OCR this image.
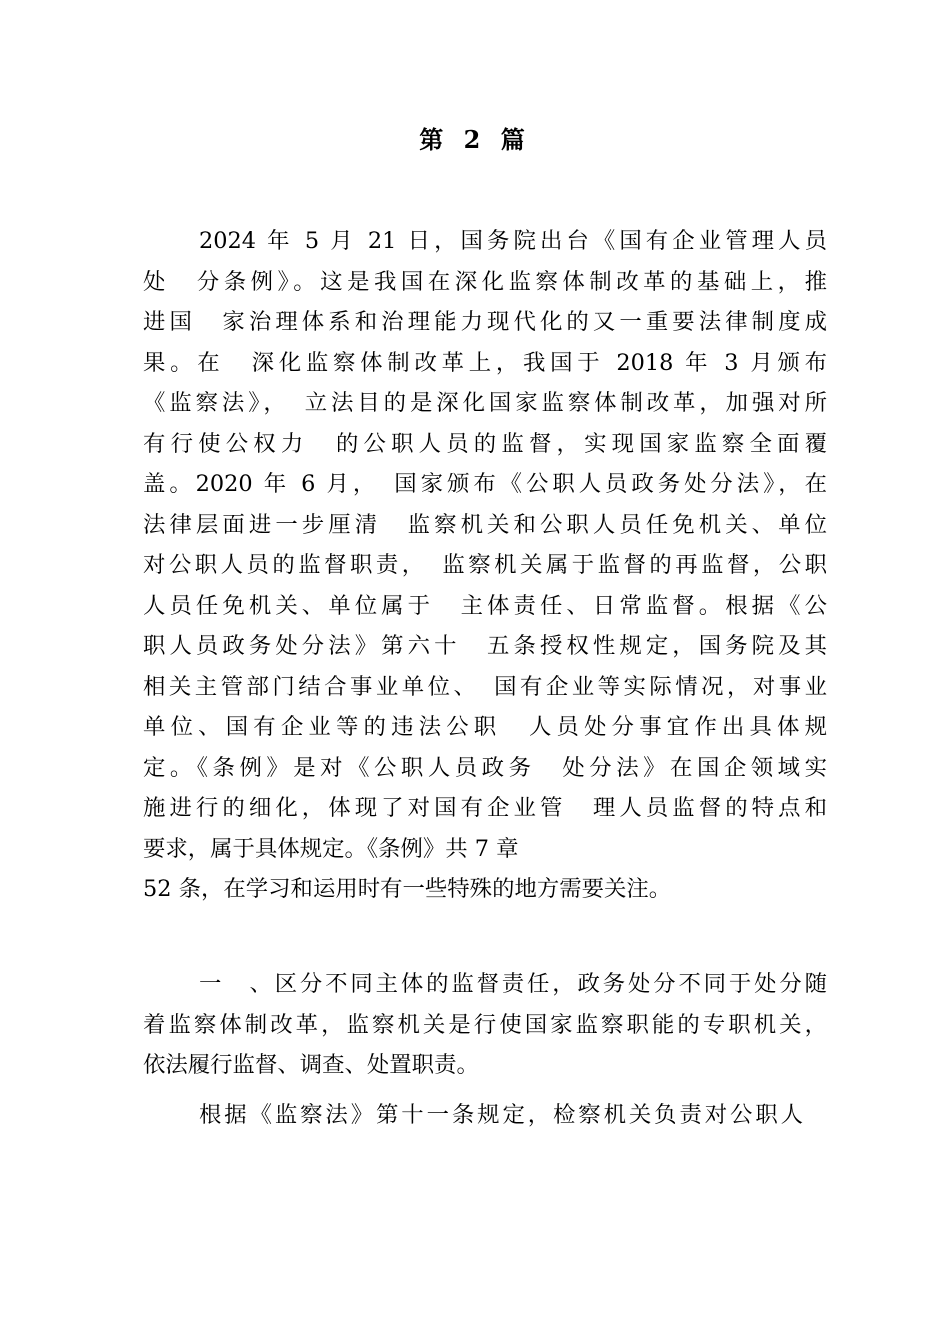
第 2 篇
2024 年 5 月 21 日，国务院出台《国有企业管理人员
处　分条例》。这是我国在深化监察体制改革的基础上，推
进国　家治理体系和治理能力现代化的又一重要法律制度成
果。在　深化监察体制改革上，我国于 2018 年 3 月颁布
《监察法》，　立法目的是深化国家监察体制改革，加强对所
有行使公权力　的公职人员的监督，实现国家监察全面覆
盖。2020 年 6 月，　国家颁布《公职人员政务处分法》，在
法律层面进一步厘清　监察机关和公职人员任免机关、单位
对公职人员的监督职责，　监察机关属于监督的再监督，公职
人员任免机关、单位属于　主体责任、日常监督。根据《公
职人员政务处分法》第六十　五条授权性规定，国务院及其
相关主管部门结合事业单位、　国有企业等实际情况，对事业
单位、国有企业等的违法公职　人员处分事宜作出具体规
定。《条例》是对《公职人员政务　处分法》在国企领域实
施进行的细化，体现了对国有企业管　理人员监督的特点和
要求，属于具体规定。《条例》共 7 章
52 条，在学习和运用时有一些特殊的地方需要关注。
一　、区分不同主体的监督责任，政务处分不同于处分随
着监察体制改革，监察机关是行使国家监察职能的专职机关，
依法履行监督、调查、处置职责。
根据《监察法》第十一条规定，检察机关负责对公职人
